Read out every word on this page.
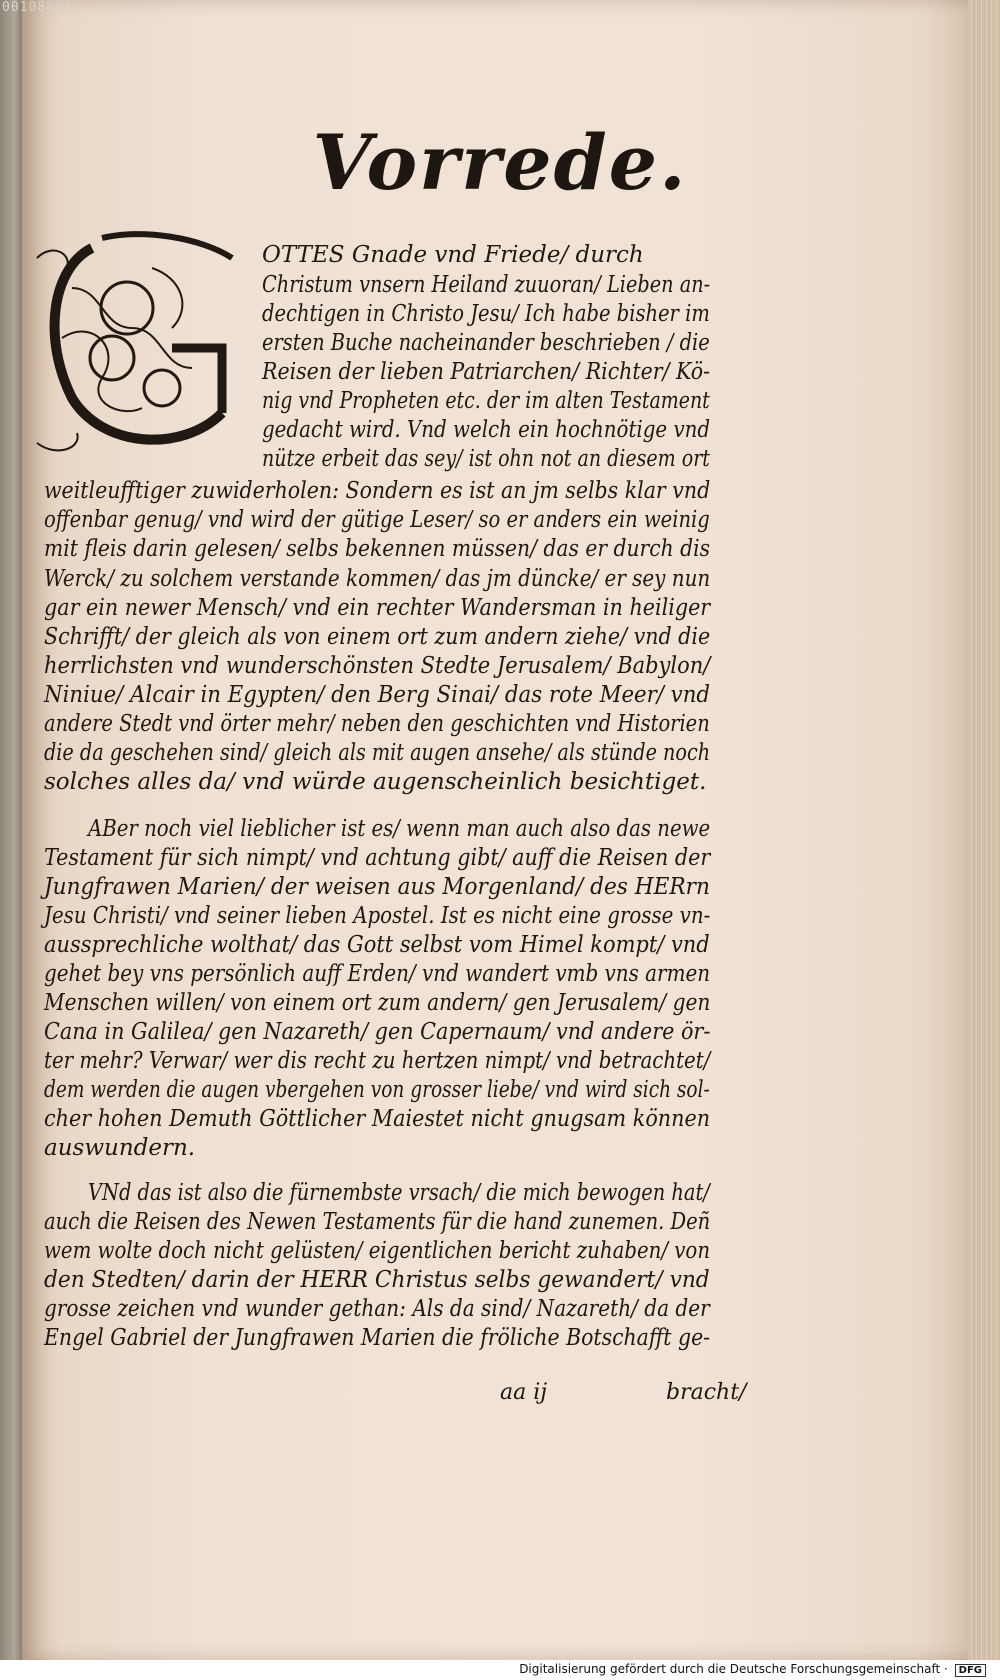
00108884
Vorrede.
OTTES Gnade vnd Friede/ durch
Christum vnsern Heiland zuuoran/ Lieben an-
dechtigen in Christo Jesu/ Ich habe bisher im
ersten Buche nacheinander beschrieben / die
Reisen der lieben Patriarchen/ Richter/ Kö-
nig vnd Propheten etc. der im alten Testament
gedacht wird. Vnd welch ein hochnötige vnd
nütze erbeit das sey/ ist ohn not an diesem ort
weitleufftiger zuwiderholen: Sondern es ist an jm selbs klar vnd
offenbar genug/ vnd wird der gütige Leser/ so er anders ein weinig
mit fleis darin gelesen/ selbs bekennen müssen/ das er durch dis
Werck/ zu solchem verstande kommen/ das jm düncke/ er sey nun
gar ein newer Mensch/ vnd ein rechter Wandersman in heiliger
Schrifft/ der gleich als von einem ort zum andern ziehe/ vnd die
herrlichsten vnd wunderschönsten Stedte Jerusalem/ Babylon/
Niniue/ Alcair in Egypten/ den Berg Sinai/ das rote Meer/ vnd
andere Stedt vnd örter mehr/ neben den geschichten vnd Historien
die da geschehen sind/ gleich als mit augen ansehe/ als stünde noch
solches alles da/ vnd würde augenscheinlich besichtiget.
ABer noch viel lieblicher ist es/ wenn man auch also das newe
Testament für sich nimpt/ vnd achtung gibt/ auff die Reisen der
Jungfrawen Marien/ der weisen aus Morgenland/ des HERrn
Jesu Christi/ vnd seiner lieben Apostel. Ist es nicht eine grosse vn-
aussprechliche wolthat/ das Gott selbst vom Himel kompt/ vnd
gehet bey vns persönlich auff Erden/ vnd wandert vmb vns armen
Menschen willen/ von einem ort zum andern/ gen Jerusalem/ gen
Cana in Galilea/ gen Nazareth/ gen Capernaum/ vnd andere ör-
ter mehr? Verwar/ wer dis recht zu hertzen nimpt/ vnd betrachtet/
dem werden die augen vbergehen von grosser liebe/ vnd wird sich sol-
cher hohen Demuth Göttlicher Maiestet nicht gnugsam können
auswundern.
VNd das ist also die fürnembste vrsach/ die mich bewogen hat/
auch die Reisen des Newen Testaments für die hand zunemen. Deñ
wem wolte doch nicht gelüsten/ eigentlichen bericht zuhaben/ von
den Stedten/ darin der HERR Christus selbs gewandert/ vnd
grosse zeichen vnd wunder gethan: Als da sind/ Nazareth/ da der
Engel Gabriel der Jungfrawen Marien die fröliche Botschafft ge-
aa ij	bracht/
Digitalisierung gefördert durch die Deutsche Forschungsgemeinschaft · DFG
